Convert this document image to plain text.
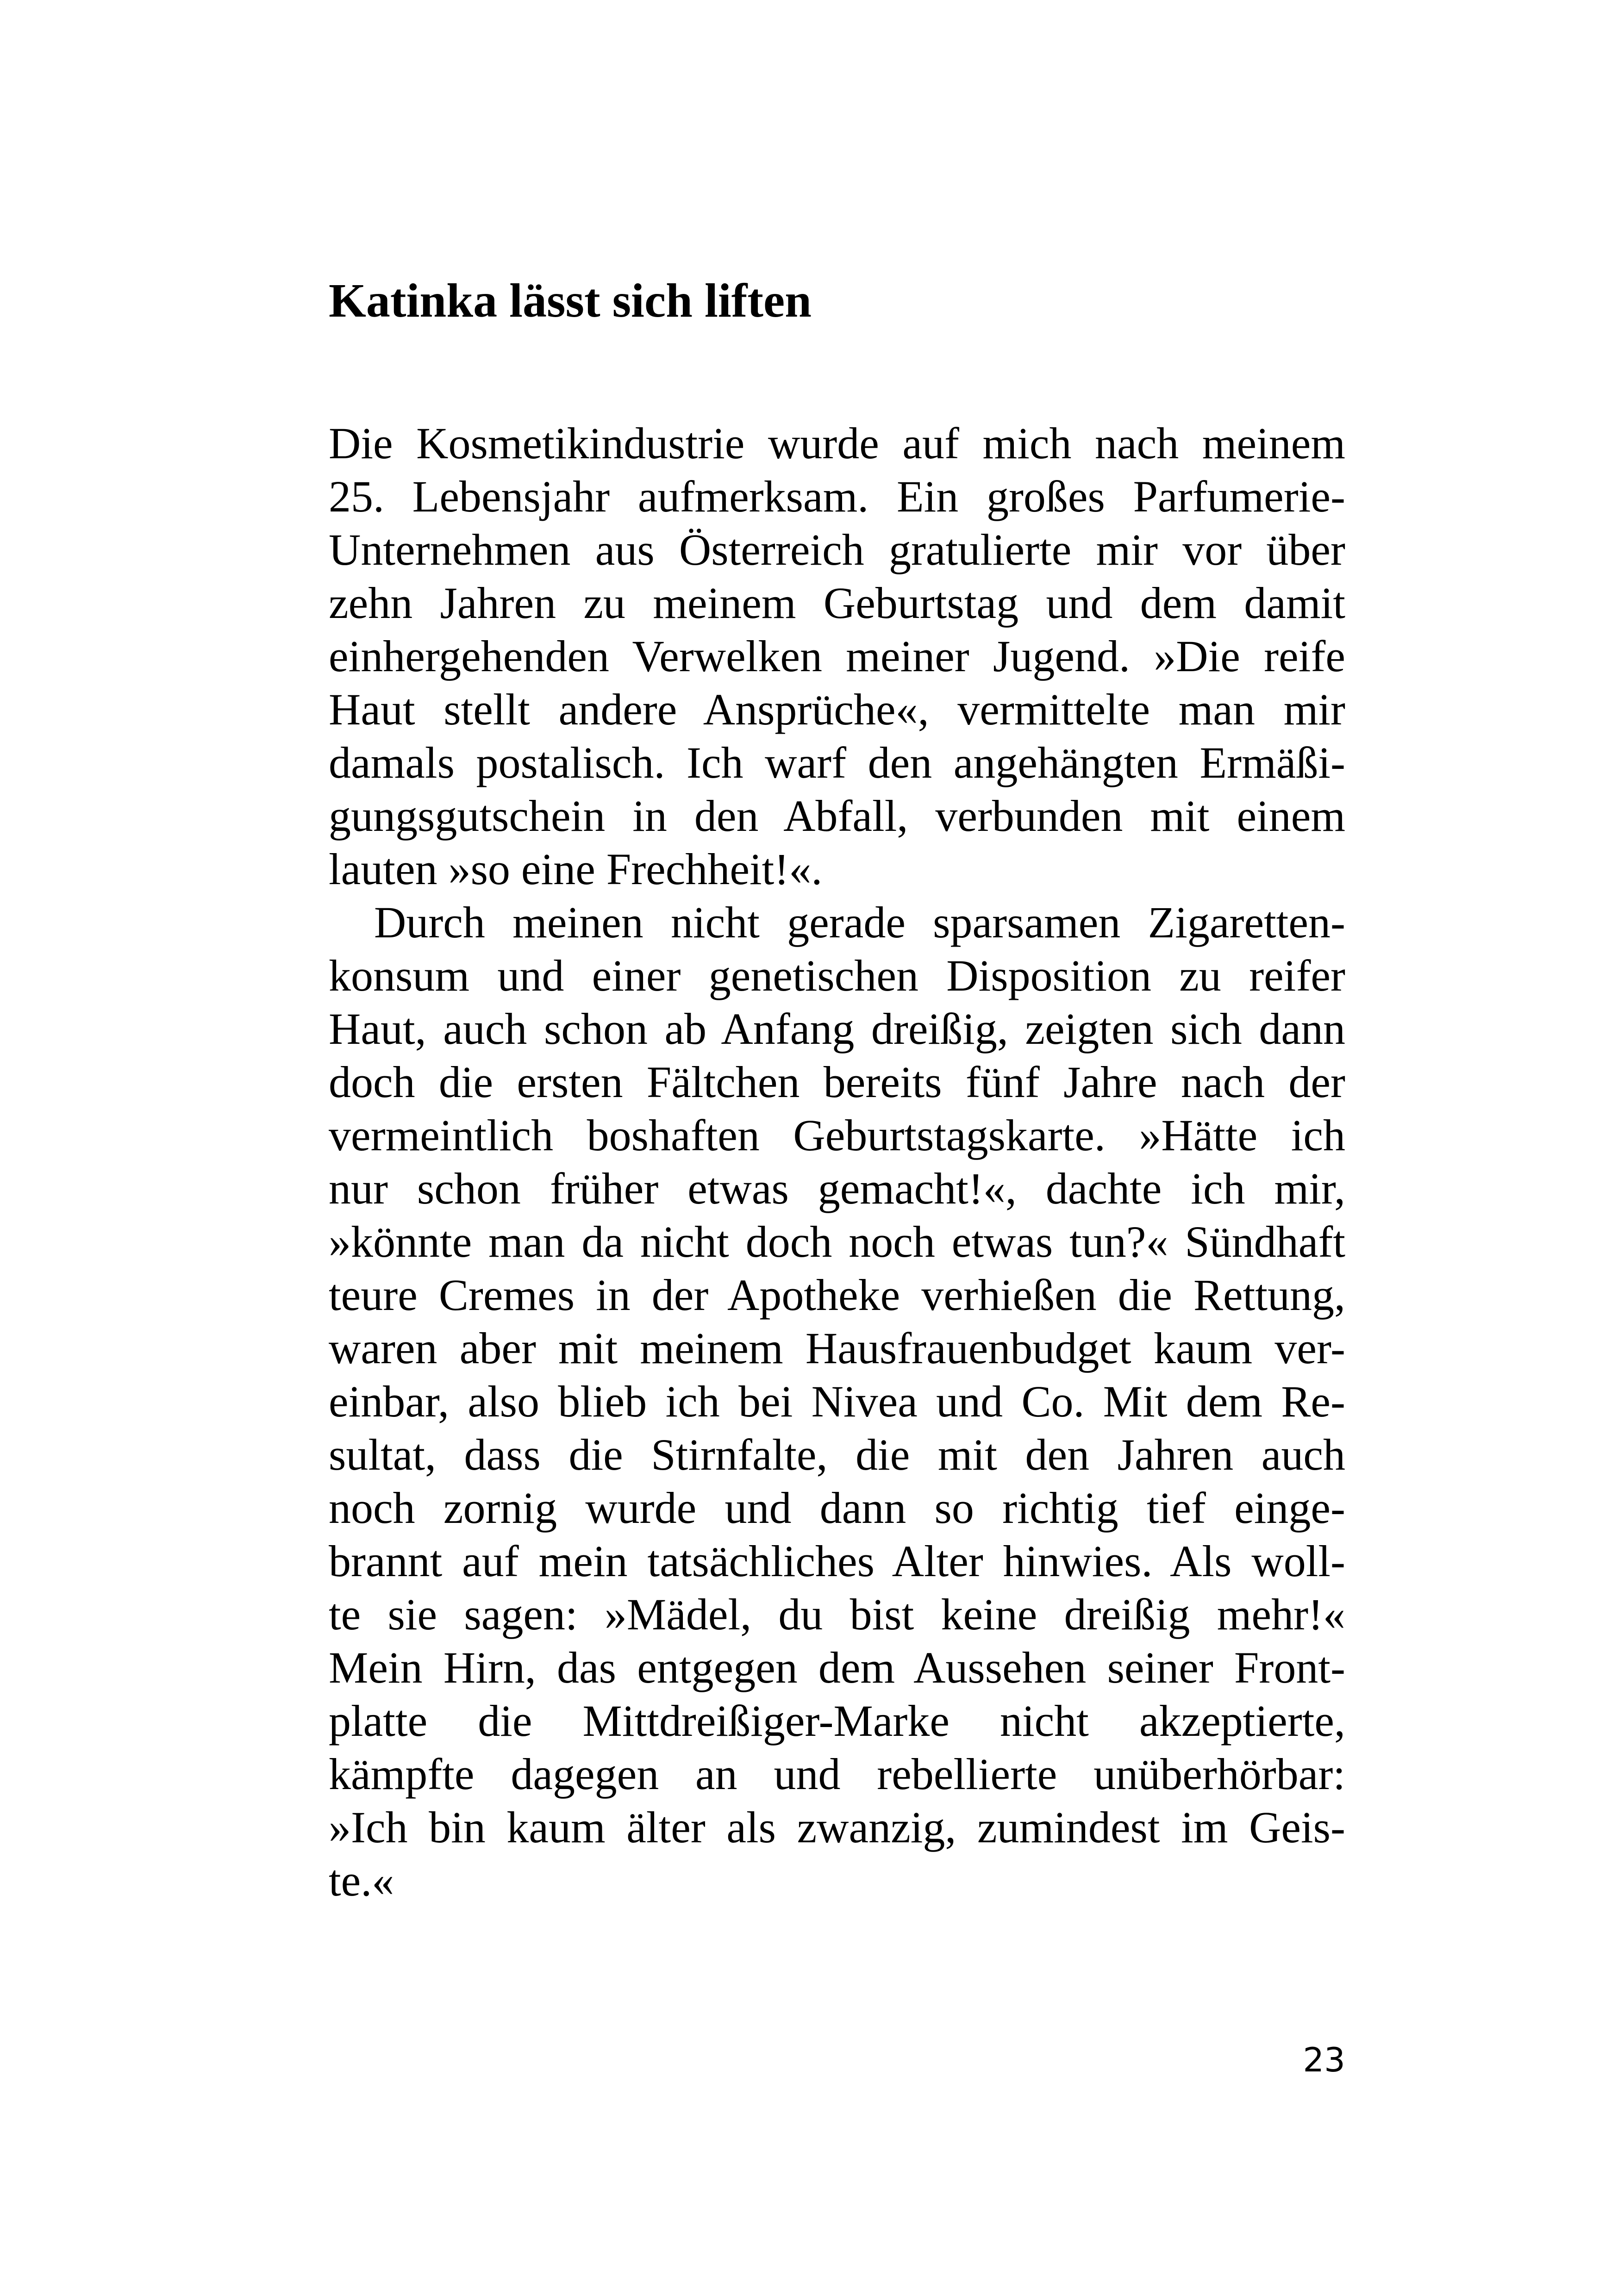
Katinka lässt sich liften

Die Kosmetikindustrie wurde auf mich nach meinem
25. Lebensjahr aufmerksam. Ein großes Parfumerie-
Unternehmen aus Österreich gratulierte mir vor über
zehn Jahren zu meinem Geburtstag und dem damit
einhergehenden Verwelken meiner Jugend. »Die reife
Haut stellt andere Ansprüche«, vermittelte man mir
damals postalisch. Ich warf den angehängten Ermäßi-
gungsgutschein in den Abfall, verbunden mit einem
lauten »so eine Frechheit!«.

Durch meinen nicht gerade sparsamen Zigaretten-
konsum und einer genetischen Disposition zu reifer
Haut, auch schon ab Anfang dreißig, zeigten sich dann
doch die ersten Fältchen bereits fünf Jahre nach der
vermeintlich boshaften Geburtstagskarte. »Hätte ich
nur schon früher etwas gemacht!«, dachte ich mir,
»könnte man da nicht doch noch etwas tun?« Sündhaft
teure Cremes in der Apotheke verhießen die Rettung,
waren aber mit meinem Hausfrauenbudget kaum ver-
einbar, also blieb ich bei Nivea und Co. Mit dem Re-
sultat, dass die Stirnfalte, die mit den Jahren auch
noch zornig wurde und dann so richtig tief einge-
brannt auf mein tatsächliches Alter hinwies. Als woll-
te sie sagen: »Mädel, du bist keine dreißig mehr!«
Mein Hirn, das entgegen dem Aussehen seiner Front-
platte die Mittdreißiger-Marke nicht akzeptierte,
kämpfte dagegen an und rebellierte unüberhörbar:
»Ich bin kaum älter als zwanzig, zumindest im Geis-
te.«

23
